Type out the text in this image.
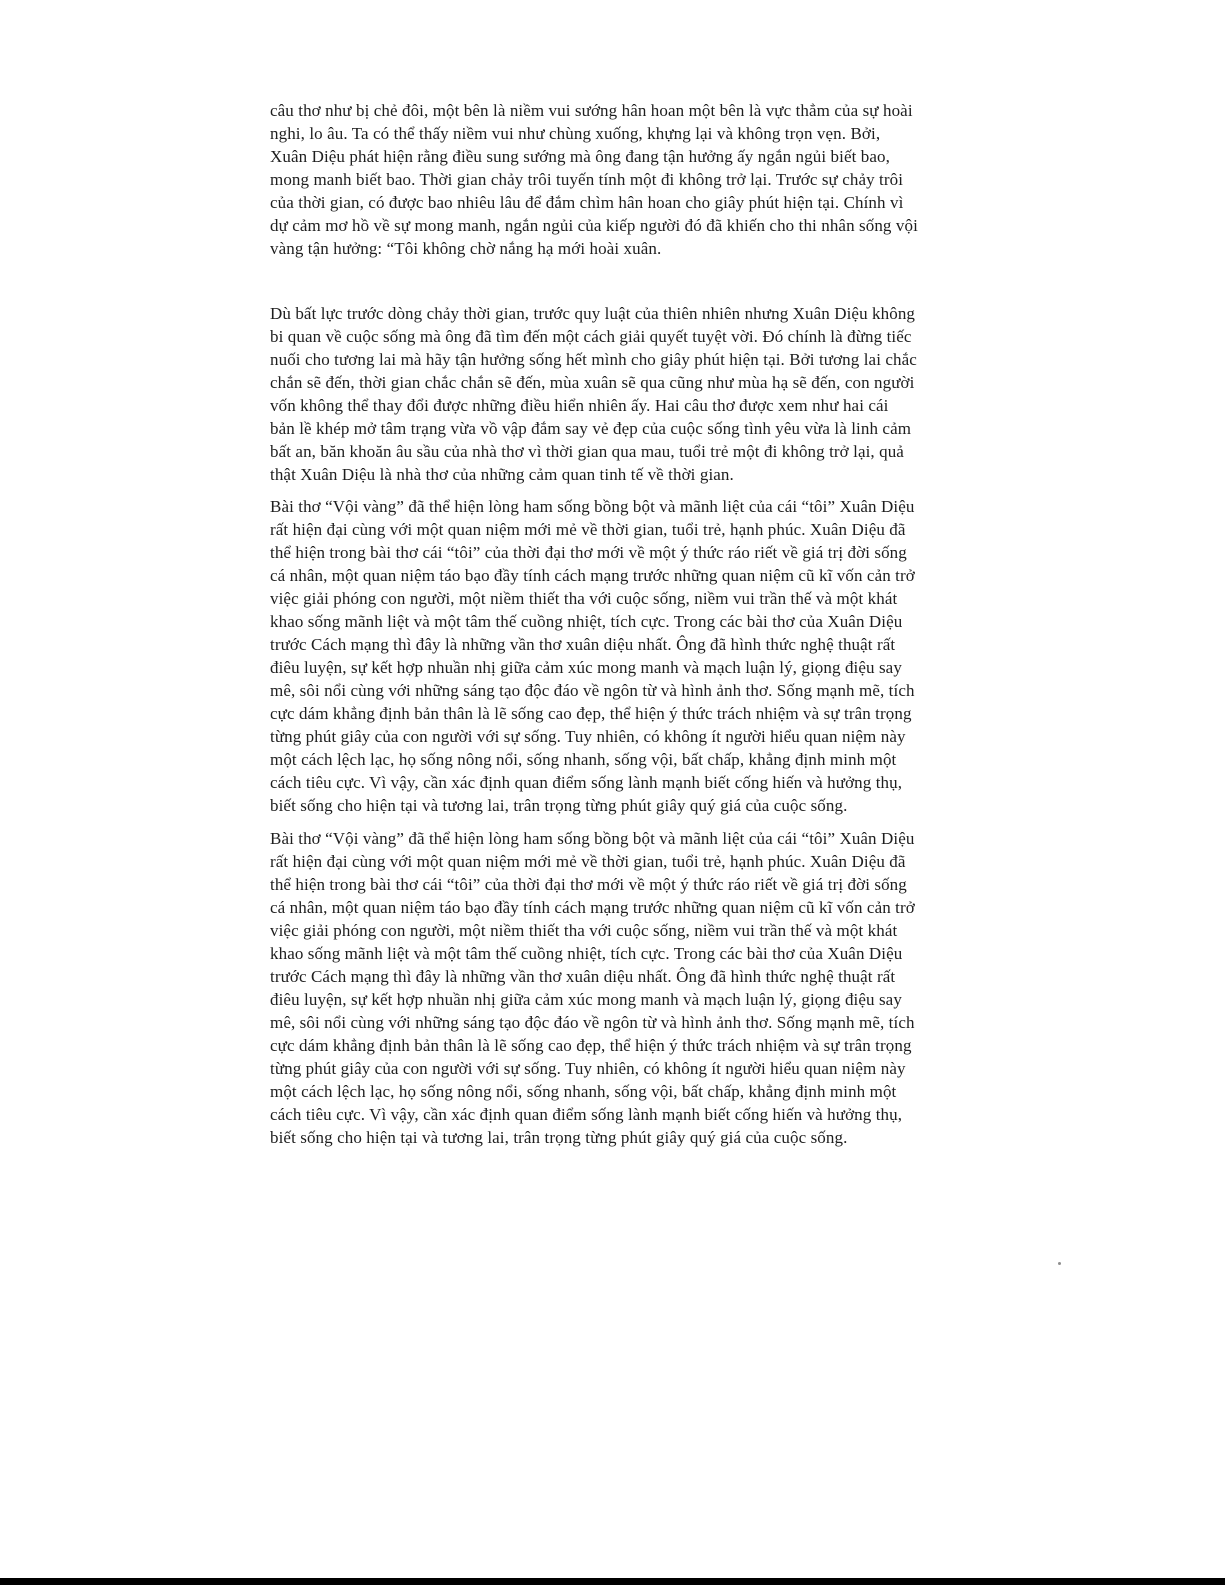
câu thơ như bị chẻ đôi, một bên là niềm vui sướng hân hoan một bên là vực thẳm của sự hoài
nghi, lo âu. Ta có thể thấy niềm vui như chùng xuống, khựng lại và không trọn vẹn. Bởi,
Xuân Diệu phát hiện rằng điều sung sướng mà ông đang tận hưởng ấy ngắn ngủi biết bao,
mong manh biết bao. Thời gian chảy trôi tuyến tính một đi không trở lại. Trước sự chảy trôi
của thời gian, có được bao nhiêu lâu để đắm chìm hân hoan cho giây phút hiện tại. Chính vì
dự cảm mơ hồ về sự mong manh, ngắn ngủi của kiếp người đó đã khiến cho thi nhân sống vội
vàng tận hưởng: “Tôi không chờ nắng hạ mới hoài xuân.

Dù bất lực trước dòng chảy thời gian, trước quy luật của thiên nhiên nhưng Xuân Diệu không
bi quan về cuộc sống mà ông đã tìm đến một cách giải quyết tuyệt vời. Đó chính là đừng tiếc
nuối cho tương lai mà hãy tận hưởng sống hết mình cho giây phút hiện tại. Bởi tương lai chắc
chắn sẽ đến, thời gian chắc chắn sẽ đến, mùa xuân sẽ qua cũng như mùa hạ sẽ đến, con người
vốn không thể thay đổi được những điều hiển nhiên ấy. Hai câu thơ được xem như hai cái
bản lề khép mở tâm trạng vừa vồ vập đắm say vẻ đẹp của cuộc sống tình yêu vừa là linh cảm
bất an, băn khoăn âu sầu của nhà thơ vì thời gian qua mau, tuổi trẻ một đi không trở lại, quả
thật Xuân Diệu là nhà thơ của những cảm quan tinh tế về thời gian.

Bài thơ “Vội vàng” đã thể hiện lòng ham sống bồng bột và mãnh liệt của cái “tôi” Xuân Diệu
rất hiện đại cùng với một quan niệm mới mẻ về thời gian, tuổi trẻ, hạnh phúc. Xuân Diệu đã
thể hiện trong bài thơ cái “tôi” của thời đại thơ mới về một ý thức ráo riết về giá trị đời sống
cá nhân, một quan niệm táo bạo đầy tính cách mạng trước những quan niệm cũ kĩ vốn cản trở
việc giải phóng con người, một niềm thiết tha với cuộc sống, niềm vui trần thế và một khát
khao sống mãnh liệt và một tâm thế cuồng nhiệt, tích cực. Trong các bài thơ của Xuân Diệu
trước Cách mạng thì đây là những vần thơ xuân diệu nhất. Ông đã hình thức nghệ thuật rất
điêu luyện, sự kết hợp nhuần nhị giữa cảm xúc mong manh và mạch luận lý, giọng điệu say
mê, sôi nổi cùng với những sáng tạo độc đáo về ngôn từ và hình ảnh thơ. Sống mạnh mẽ, tích
cực dám khẳng định bản thân là lẽ sống cao đẹp, thể hiện ý thức trách nhiệm và sự trân trọng
từng phút giây của con người với sự sống. Tuy nhiên, có không ít người hiểu quan niệm này
một cách lệch lạc, họ sống nông nổi, sống nhanh, sống vội, bất chấp, khẳng định minh một
cách tiêu cực. Vì vậy, cần xác định quan điểm sống lành mạnh biết cống hiến và hưởng thụ,
biết sống cho hiện tại và tương lai, trân trọng từng phút giây quý giá của cuộc sống.

Bài thơ “Vội vàng” đã thể hiện lòng ham sống bồng bột và mãnh liệt của cái “tôi” Xuân Diệu
rất hiện đại cùng với một quan niệm mới mẻ về thời gian, tuổi trẻ, hạnh phúc. Xuân Diệu đã
thể hiện trong bài thơ cái “tôi” của thời đại thơ mới về một ý thức ráo riết về giá trị đời sống
cá nhân, một quan niệm táo bạo đầy tính cách mạng trước những quan niệm cũ kĩ vốn cản trở
việc giải phóng con người, một niềm thiết tha với cuộc sống, niềm vui trần thế và một khát
khao sống mãnh liệt và một tâm thế cuồng nhiệt, tích cực. Trong các bài thơ của Xuân Diệu
trước Cách mạng thì đây là những vần thơ xuân diệu nhất. Ông đã hình thức nghệ thuật rất
điêu luyện, sự kết hợp nhuần nhị giữa cảm xúc mong manh và mạch luận lý, giọng điệu say
mê, sôi nổi cùng với những sáng tạo độc đáo về ngôn từ và hình ảnh thơ. Sống mạnh mẽ, tích
cực dám khẳng định bản thân là lẽ sống cao đẹp, thể hiện ý thức trách nhiệm và sự trân trọng
từng phút giây của con người với sự sống. Tuy nhiên, có không ít người hiểu quan niệm này
một cách lệch lạc, họ sống nông nổi, sống nhanh, sống vội, bất chấp, khẳng định minh một
cách tiêu cực. Vì vậy, cần xác định quan điểm sống lành mạnh biết cống hiến và hưởng thụ,
biết sống cho hiện tại và tương lai, trân trọng từng phút giây quý giá của cuộc sống.
